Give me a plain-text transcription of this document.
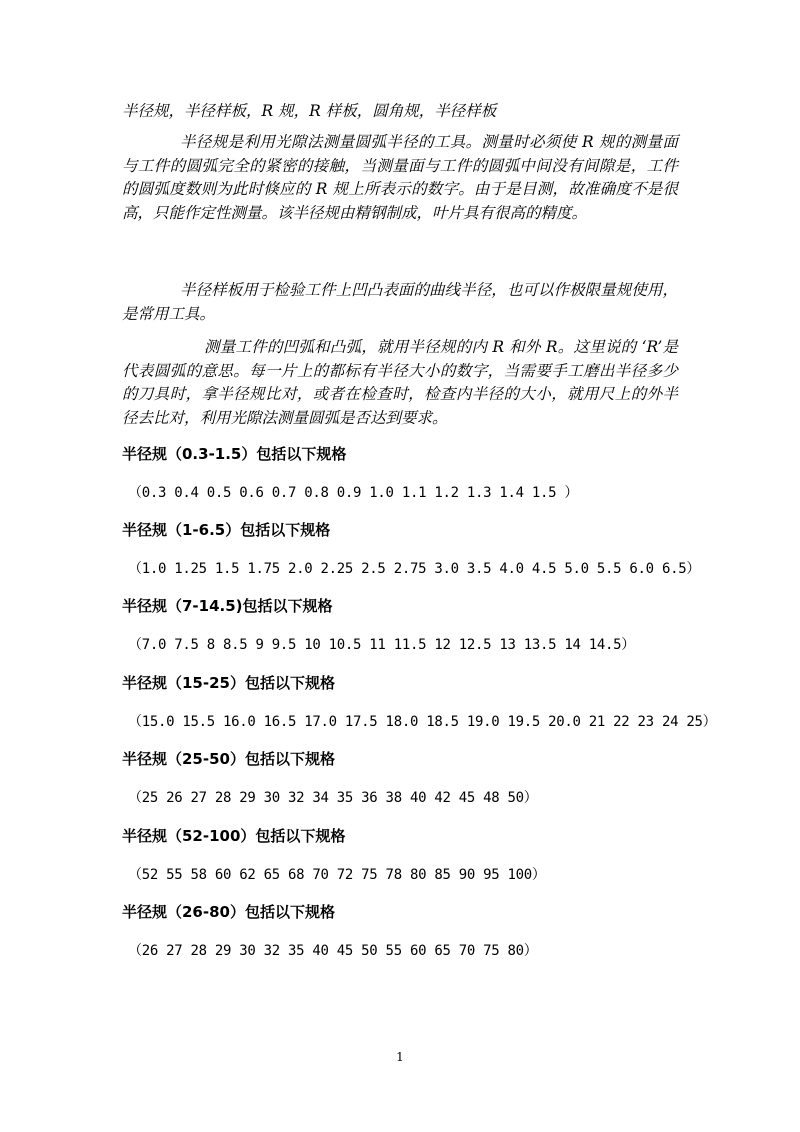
半径规，半径样板，R 规，R 样板，圆角规，半径样板
半径规是利用光隙法测量圆弧半径的工具。测量时必须使 R 规的测量面与工件的圆弧完全的紧密的接触，当测量面与工件的圆弧中间没有间隙是，工件的圆弧度数则为此时倏应的 R 规上所表示的数字。由于是目测，故准确度不是很高，只能作定性测量。该半径规由精钢制成，叶片具有很高的精度。
半径样板用于检验工件上凹凸表面的曲线半径，也可以作极限量规使用，是常用工具。
测量工件的凹弧和凸弧，就用半径规的内 R 和外 R。这里说的 ‘R’是代表圆弧的意思。每一片上的都标有半径大小的数字，当需要手工磨出半径多少的刀具时，拿半径规比对，或者在检查时，检查内半径的大小，就用尺上的外半径去比对，利用光隙法测量圆弧是否达到要求。
半径规（0.3-1.5）包括以下规格
（0.3 0.4 0.5 0.6 0.7 0.8 0.9 1.0 1.1 1.2 1.3 1.4 1.5 ）
半径规（1-6.5）包括以下规格
（1.0 1.25 1.5 1.75 2.0 2.25 2.5 2.75 3.0 3.5 4.0 4.5 5.0 5.5 6.0 6.5）
半径规（7-14.5)包括以下规格
（7.0 7.5 8 8.5 9 9.5 10 10.5 11 11.5 12 12.5 13 13.5 14 14.5）
半径规（15-25）包括以下规格
（15.0 15.5 16.0 16.5 17.0 17.5 18.0 18.5 19.0 19.5 20.0 21 22 23 24 25）
半径规（25-50）包括以下规格
（25 26 27 28 29 30 32 34 35 36 38 40 42 45 48 50）
半径规（52-100）包括以下规格
（52 55 58 60 62 65 68 70 72 75 78 80 85 90 95 100）
半径规（26-80）包括以下规格
（26 27 28 29 30 32 35 40 45 50 55 60 65 70 75 80）
1
